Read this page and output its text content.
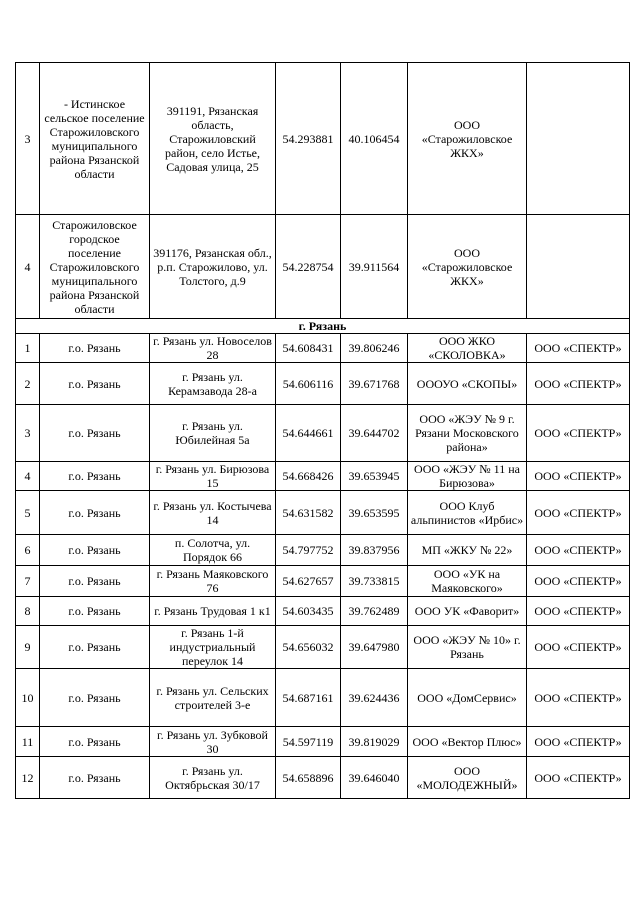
3	- Истинское сельское поселение Старожиловского муниципального района Рязанской области	391191, Рязанская область, Старожиловский район, село Истье, Садовая улица, 25	54.293881	40.106454	ООО «Старожиловское ЖКХ»	
4	Старожиловское городское поселение Старожиловского муниципального района Рязанской области	391176, Рязанская обл., р.п. Старожилово, ул. Толстого, д.9	54.228754	39.911564	ООО «Старожиловское ЖКХ»	
г. Рязань						
1	г.о. Рязань	г. Рязань ул. Новоселов 28	54.608431	39.806246	ООО ЖКО «СКОЛОВКА»	ООО «СПЕКТР»
2	г.о. Рязань	г. Рязань ул. Керамзавода 28-а	54.606116	39.671768	ОООУО «СКОПЫ»	ООО «СПЕКТР»
3	г.о. Рязань	г. Рязань ул. Юбилейная 5а	54.644661	39.644702	ООО «ЖЭУ № 9 г. Рязани Московского района»	ООО «СПЕКТР»
4	г.о. Рязань	г. Рязань ул. Бирюзова 15	54.668426	39.653945	ООО «ЖЭУ № 11 на Бирюзова»	ООО «СПЕКТР»
5	г.о. Рязань	г. Рязань ул. Костычева 14	54.631582	39.653595	ООО Клуб альпинистов «Ирбис»	ООО «СПЕКТР»
6	г.о. Рязань	п. Солотча, ул. Порядок 66	54.797752	39.837956	МП «ЖКУ № 22»	ООО «СПЕКТР»
7	г.о. Рязань	г. Рязань Маяковского 76	54.627657	39.733815	ООО «УК на Маяковского»	ООО «СПЕКТР»
8	г.о. Рязань	г. Рязань Трудовая 1 к1	54.603435	39.762489	ООО УК «Фаворит»	ООО «СПЕКТР»
9	г.о. Рязань	г. Рязань 1-й индустриальный переулок 14	54.656032	39.647980	ООО «ЖЭУ № 10» г. Рязань	ООО «СПЕКТР»
10	г.о. Рязань	г. Рязань ул. Сельских строителей 3-е	54.687161	39.624436	ООО «ДомСервис»	ООО «СПЕКТР»
11	г.о. Рязань	г. Рязань ул. Зубковой 30	54.597119	39.819029	ООО «Вектор Плюс»	ООО «СПЕКТР»
12	г.о. Рязань	г. Рязань ул. Октябрьская 30/17	54.658896	39.646040	ООО «МОЛОДЕЖНЫЙ»	ООО «СПЕКТР»
